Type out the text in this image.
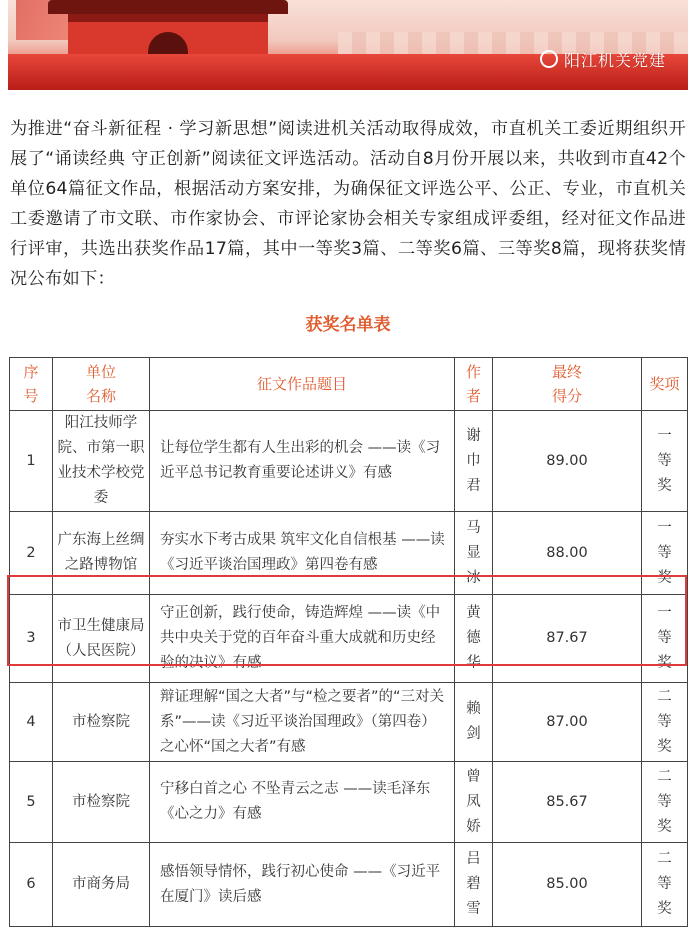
阳江机关党建
为推进“奋斗新征程 · 学习新思想”阅读进机关活动取得成效，市直机关工委近期组织开展了“诵读经典 守正创新”阅读征文评选活动。活动自8月份开展以来，共收到市直42个单位64篇征文作品，根据活动方案安排，为确保征文评选公平、公正、专业，市直机关工委邀请了市文联、市作家协会、市评论家协会相关专家组成评委组，经对征文作品进行评审，共选出获奖作品17篇，其中一等奖3篇、二等奖6篇、三等奖8篇，现将获奖情况公布如下：
获奖名单表
序号	单位名称	征文作品题目	作者	最终得分	奖项
1	阳江技师学院、市第一职业技术学校党委	让每位学生都有人生出彩的机会 ——读《习近平总书记教育重要论述讲义》有感	谢巾君	89.00	一等奖

2	广东海上丝绸之路博物馆	夯实水下考古成果 筑牢文化自信根基 ——读《习近平谈治国理政》第四卷有感	马显冰	88.00	一等奖

3	市卫生健康局（人民医院）	守正创新，践行使命，铸造辉煌 ——读《中共中央关于党的百年奋斗重大成就和历史经验的决议》有感	黄德华	87.67	一等奖

4	市检察院	辩证理解“国之大者”与“检之要者”的“三对关系”——读《习近平谈治国理政》（第四卷）之心怀“国之大者”有感	赖剑	87.00	二等奖

5	市检察院	宁移白首之心 不坠青云之志 ——读毛泽东《心之力》有感	曾凤娇	85.67	二等奖

6	市商务局	感悟领导情怀，践行初心使命 ——《习近平在厦门》读后感	吕碧雪	85.00	二等奖
